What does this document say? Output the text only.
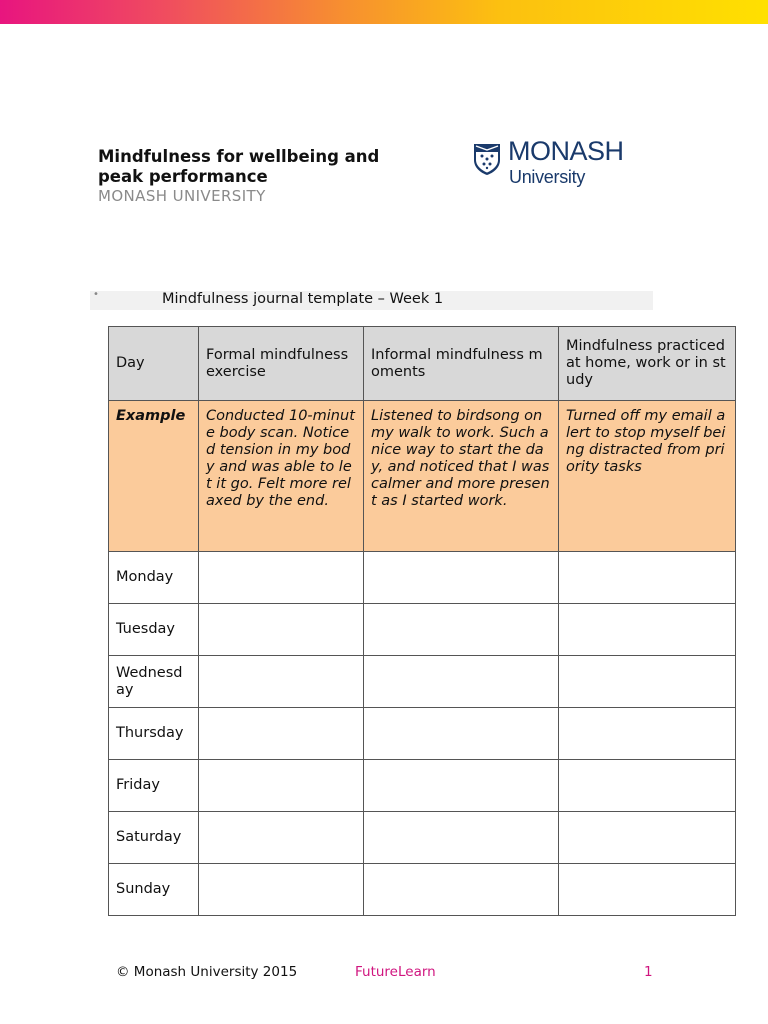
Mindfulness for wellbeing and peak performance
MONASH UNIVERSITY
MONASH
University
•	Mindfulness journal template – Week 1
Day	Formal mindfulness exercise	Informal mindfulness moments	Mindfulness practiced at home, work or in study
Example	Conducted 10-minute body scan. Noticed tension in my body and was able to let it go. Felt more relaxed by the end.	Listened to birdsong on my walk to work. Such a nice way to start the day, and noticed that I was calmer and more present as I started work.	Turned off my email alert to stop myself being distracted from priority tasks
Monday			
Tuesday			
Wednesday			
Thursday			
Friday			
Saturday			
Sunday			
© Monash University 2015	FutureLearn	1
